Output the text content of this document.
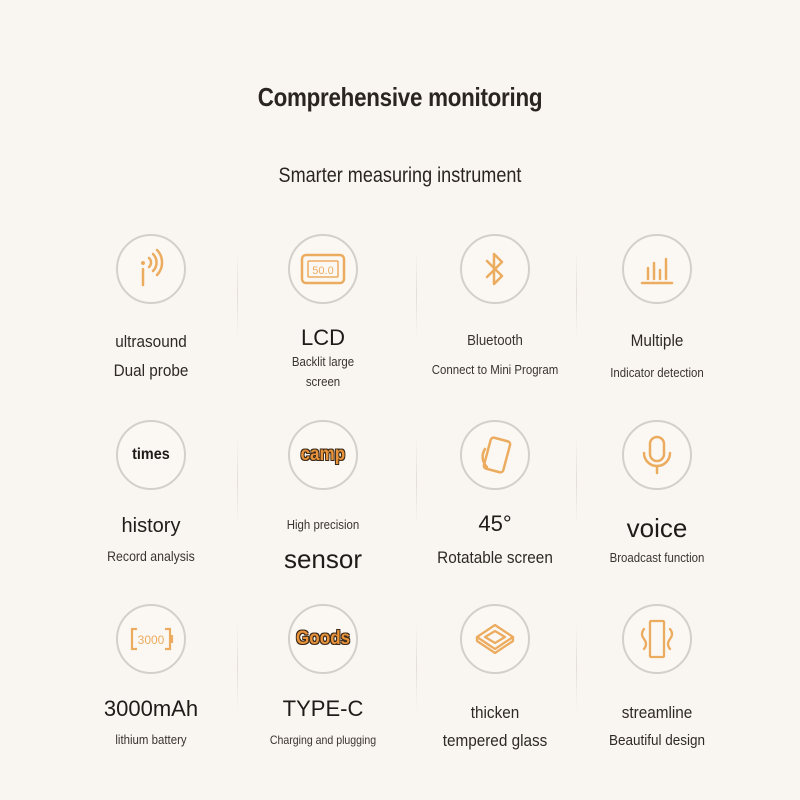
Comprehensive monitoring
Smarter measuring instrument
ultrasound
Dual probe
50.0
LCD
Backlit large
screen
Bluetooth
Connect to Mini Program
Multiple
Indicator detection
times
history
Record analysis
camp
High precision
sensor
45°
Rotatable screen
voice
Broadcast function
3000
3000mAh
lithium battery
Goods
TYPE-C
Charging and plugging
thicken
tempered glass
streamline
Beautiful design
